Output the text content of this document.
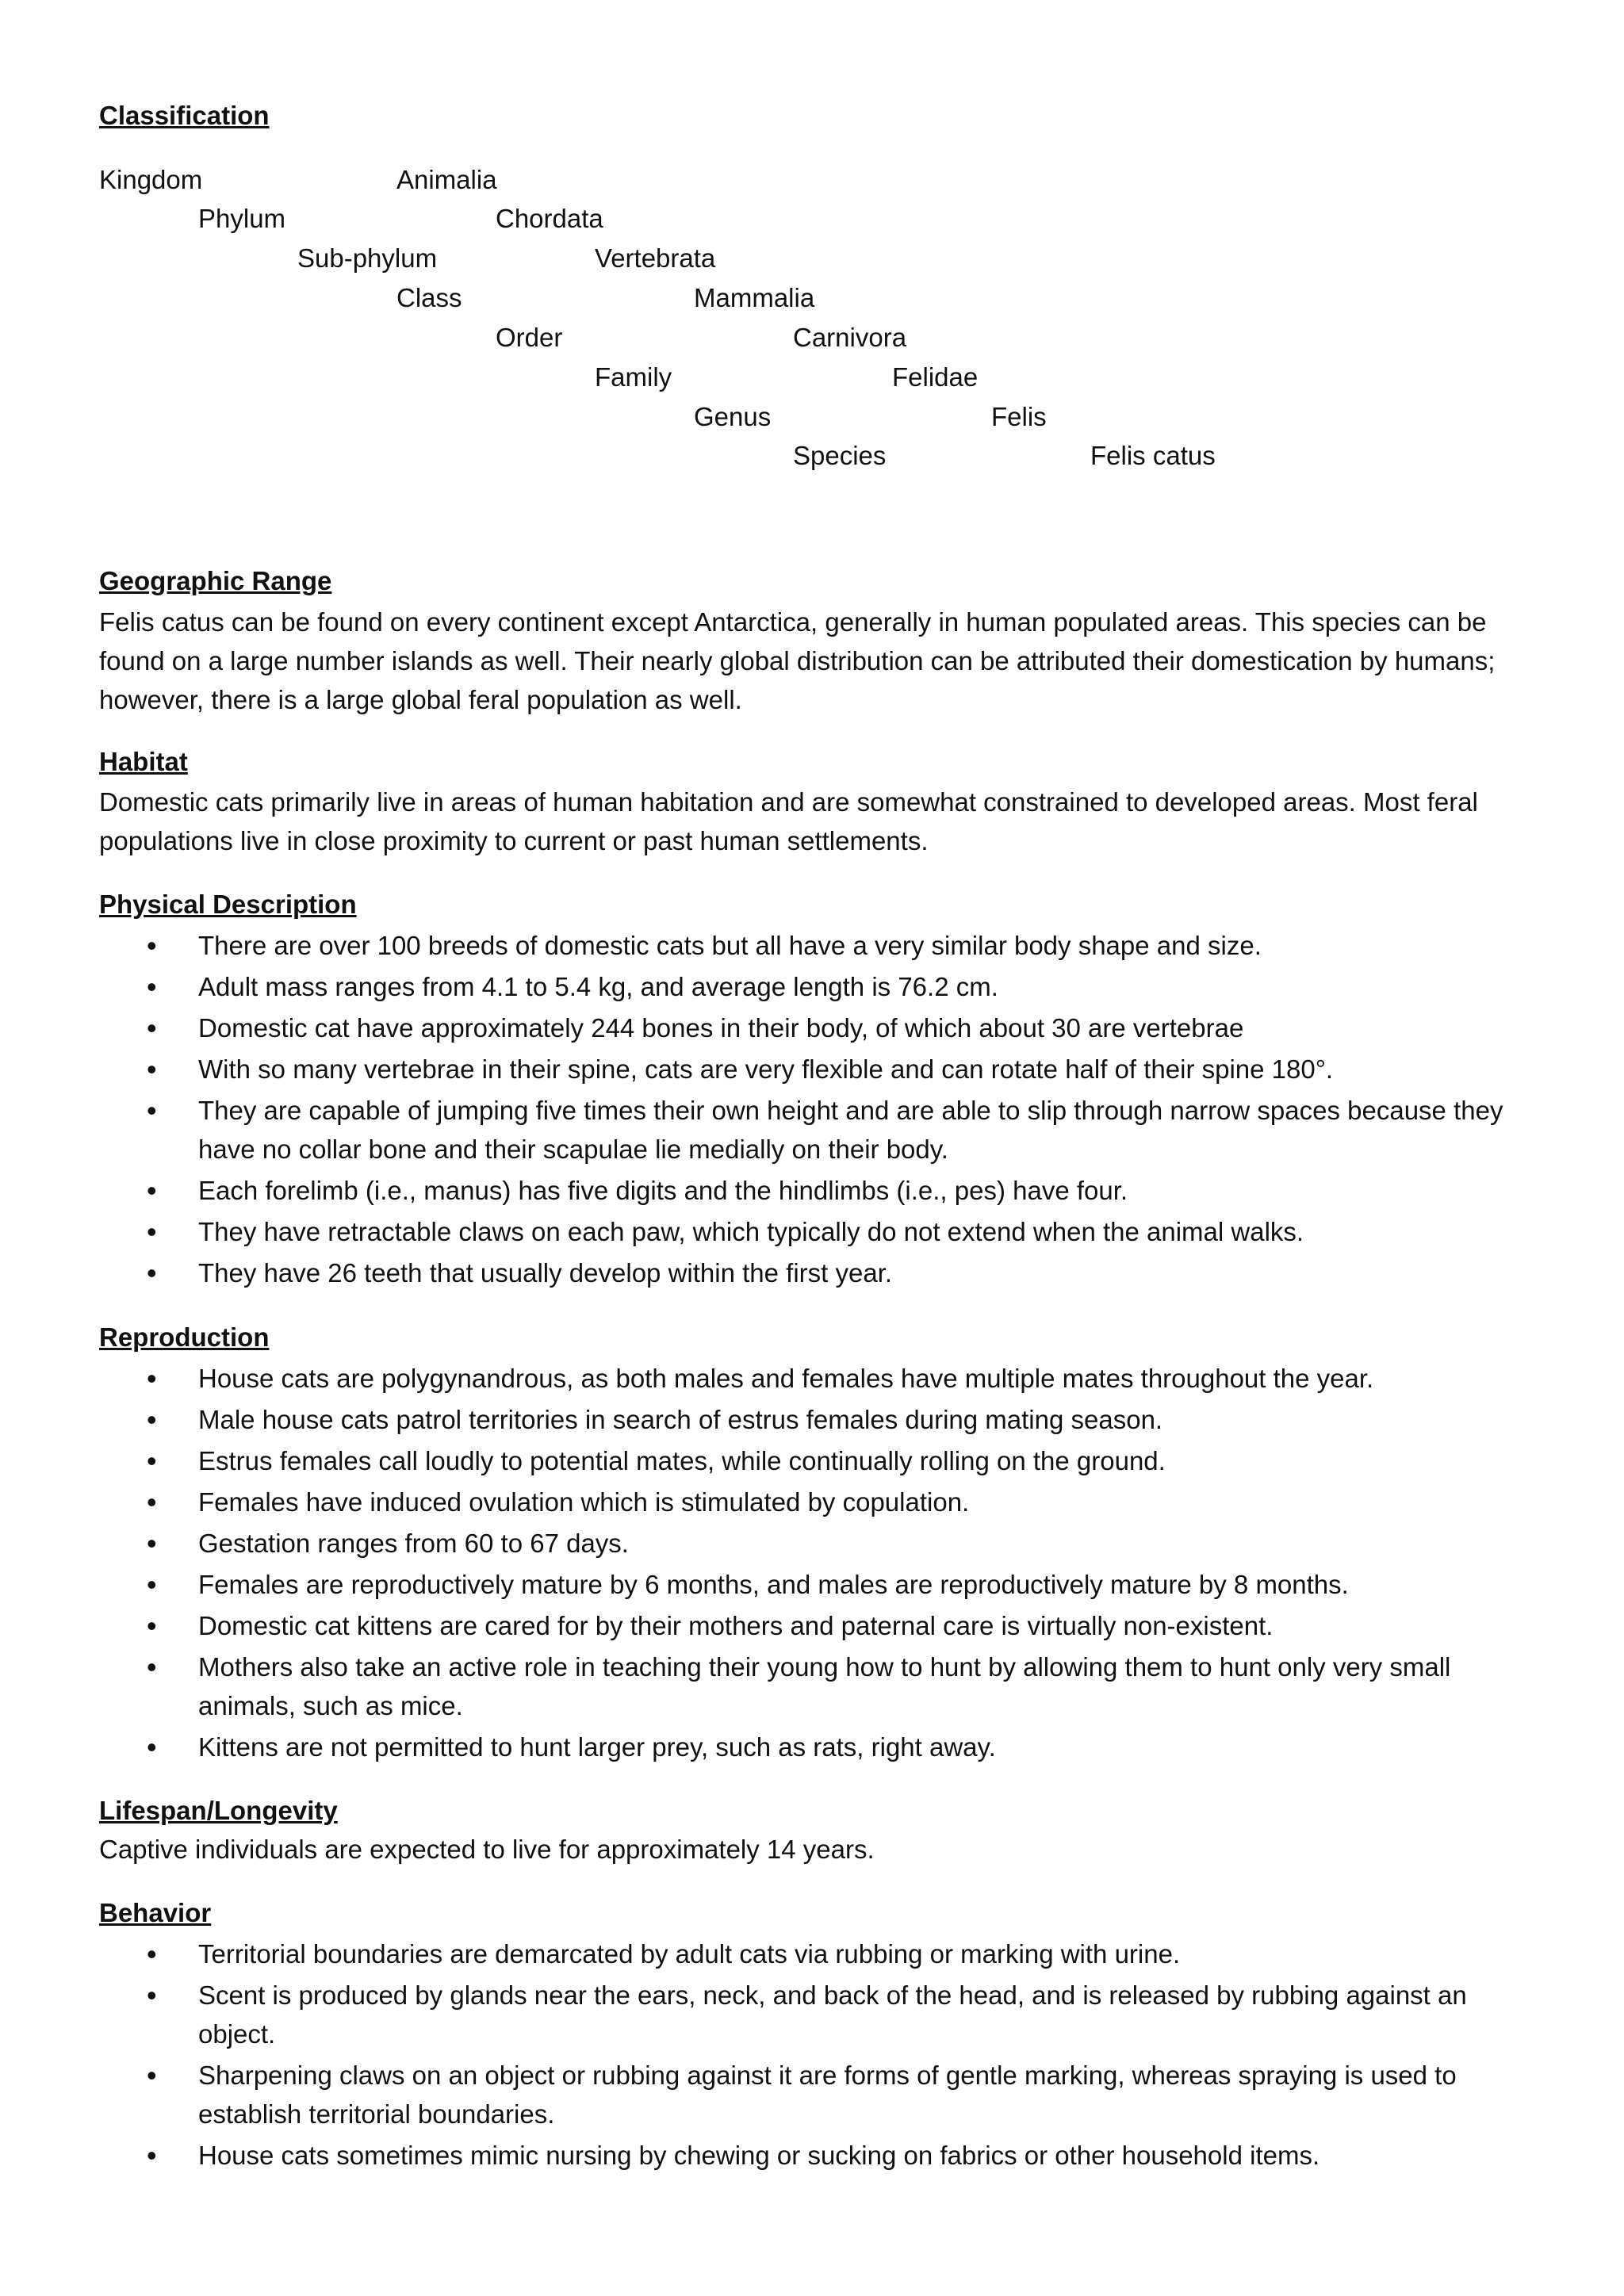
Classification
Kingdom	Animalia
Phylum	Chordata
Sub-phylum	Vertebrata
Class	Mammalia
Order	Carnivora
Family	Felidae
Genus	Felis
Species	Felis catus
Geographic Range
Felis catus can be found on every continent except Antarctica, generally in human populated areas. This species can be found on a large number islands as well. Their nearly global distribution can be attributed their domestication by humans; however, there is a large global feral population as well.
Habitat
Domestic cats primarily live in areas of human habitation and are somewhat constrained to developed areas. Most feral populations live in close proximity to current or past human settlements.
Physical Description
• There are over 100 breeds of domestic cats but all have a very similar body shape and size.
• Adult mass ranges from 4.1 to 5.4 kg, and average length is 76.2 cm.
• Domestic cat have approximately 244 bones in their body, of which about 30 are vertebrae
• With so many vertebrae in their spine, cats are very flexible and can rotate half of their spine 180°.
• They are capable of jumping five times their own height and are able to slip through narrow spaces because they have no collar bone and their scapulae lie medially on their body.
• Each forelimb (i.e., manus) has five digits and the hindlimbs (i.e., pes) have four.
• They have retractable claws on each paw, which typically do not extend when the animal walks.
• They have 26 teeth that usually develop within the first year.
Reproduction
• House cats are polygynandrous, as both males and females have multiple mates throughout the year.
• Male house cats patrol territories in search of estrus females during mating season.
• Estrus females call loudly to potential mates, while continually rolling on the ground.
• Females have induced ovulation which is stimulated by copulation.
• Gestation ranges from 60 to 67 days.
• Females are reproductively mature by 6 months, and males are reproductively mature by 8 months.
• Domestic cat kittens are cared for by their mothers and paternal care is virtually non-existent.
• Mothers also take an active role in teaching their young how to hunt by allowing them to hunt only very small animals, such as mice.
• Kittens are not permitted to hunt larger prey, such as rats, right away.
Lifespan/Longevity
Captive individuals are expected to live for approximately 14 years.
Behavior
• Territorial boundaries are demarcated by adult cats via rubbing or marking with urine.
• Scent is produced by glands near the ears, neck, and back of the head, and is released by rubbing against an object.
• Sharpening claws on an object or rubbing against it are forms of gentle marking, whereas spraying is used to establish territorial boundaries.
• House cats sometimes mimic nursing by chewing or sucking on fabrics or other household items.
